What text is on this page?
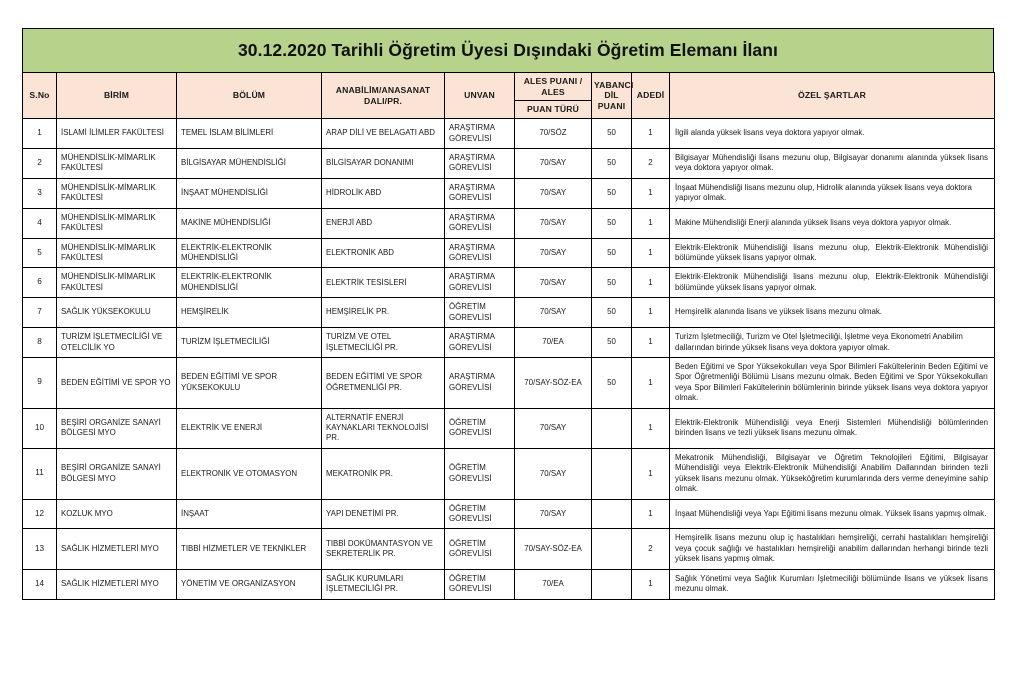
30.12.2020 Tarihli Öğretim Üyesi Dışındaki Öğretim Elemanı İlanı
S.No	BİRİM	BÖLÜM	ANABİLİM/ANASANAT DALI/PR.	UNVAN	ALES PUANI / ALES
PUAN TÜRÜ	YABANCI DİL PUANI	ADEDİ	ÖZEL ŞARTLAR
1	İSLAMİ İLİMLER FAKÜLTESİ	TEMEL İSLAM BİLİMLERİ	ARAP DİLİ VE BELAGATI ABD	ARAŞTIRMA GÖREVLİSİ	70/SÖZ	50	1	İlgili alanda yüksek lisans veya doktora yapıyor olmak.
2	MÜHENDİSLİK-MİMARLIK FAKÜLTESİ	BİLGİSAYAR MÜHENDİSLİĞİ	BİLGİSAYAR DONANIMI	ARAŞTIRMA GÖREVLİSİ	70/SAY	50	2	Bilgisayar Mühendisliği lisans mezunu olup, Bilgisayar donanımı alanında yüksek lisans veya doktora yapıyor olmak.
3	MÜHENDİSLİK-MİMARLIK FAKÜLTESİ	İNŞAAT MÜHENDİSLİĞİ	HİDROLİK ABD	ARAŞTIRMA GÖREVLİSİ	70/SAY	50	1	İnşaat Mühendisliği lisans mezunu olup, Hidrolik alanında yüksek lisans veya doktora yapıyor olmak.
4	MÜHENDİSLİK-MİMARLIK FAKÜLTESİ	MAKİNE MÜHENDİSLİĞİ	ENERJİ ABD	ARAŞTIRMA GÖREVLİSİ	70/SAY	50	1	Makine Mühendisliği Enerji alanında yüksek lisans veya doktora yapıyor olmak.
5	MÜHENDİSLİK-MİMARLIK FAKÜLTESİ	ELEKTRİK-ELEKTRONİK MÜHENDİSLİĞİ	ELEKTRONİK ABD	ARAŞTIRMA GÖREVLİSİ	70/SAY	50	1	Elektrik-Elektronik Mühendisliği lisans mezunu olup, Elektrik-Elektronik Mühendisliği bölümünde yüksek lisans yapıyor olmak.
6	MÜHENDİSLİK-MİMARLIK FAKÜLTESİ	ELEKTRİK-ELEKTRONİK MÜHENDİSLİĞİ	ELEKTRİK TESİSLERİ	ARAŞTIRMA GÖREVLİSİ	70/SAY	50	1	Elektrik-Elektronik Mühendisliği lisans mezunu olup, Elektrik-Elektronik Mühendisliği bölümünde yüksek lisans yapıyor olmak.
7	SAĞLIK YÜKSEKOKULU	HEMŞİRELİK	HEMŞİRELİK PR.	ÖĞRETİM GÖREVLİSİ	70/SAY	50	1	Hemşirelik alanında lisans ve yüksek lisans mezunu olmak.
8	TURİZM İŞLETMECİLİĞİ VE OTELCİLİK YO	TURİZM İŞLETMECİLİĞİ	TURİZM VE OTEL İŞLETMECİLİĞİ PR.	ARAŞTIRMA GÖREVLİSİ	70/EA	50	1	Turizm İşletmeciliği, Turizm ve Otel İşletmeciliği, İşletme veya Ekonometri Anabilim dallarından birinde yüksek lisans veya doktora yapıyor olmak.
9	BEDEN EĞİTİMİ VE SPOR YO	BEDEN EĞİTİMİ VE SPOR YÜKSEKOKULU	BEDEN EĞİTİMİ VE SPOR ÖĞRETMENLİĞİ PR.	ARAŞTIRMA GÖREVLİSİ	70/SAY-SÖZ-EA	50	1	Beden Eğitimi ve Spor Yüksekokulları veya Spor Bilimleri Fakültelerinin Beden Eğitimi ve Spor Öğretmenliği Bölümü Lisans mezunu olmak. Beden Eğitimi ve Spor Yüksekokulları veya Spor Bilimleri Fakültelerinin bölümlerinin birinde yüksek lisans veya doktora yapıyor olmak.
10	BEŞİRİ ORGANİZE SANAYİ BÖLGESİ MYO	ELEKTRİK VE ENERJİ	ALTERNATİF ENERJİ KAYNAKLARI TEKNOLOJİSİ PR.	ÖĞRETİM GÖREVLİSİ	70/SAY		1	Elektrik-Elektronik Mühendisliği veya Enerji Sistemleri Mühendisliği bölümlerinden birinden lisans ve tezli yüksek lisans mezunu olmak.
11	BEŞİRİ ORGANİZE SANAYİ BÖLGESİ MYO	ELEKTRONİK VE OTOMASYON	MEKATRONİK PR.	ÖĞRETİM GÖREVLİSİ	70/SAY		1	Mekatronik Mühendisliği, Bilgisayar ve Öğretim Teknolojileri Eğitimi, Bilgisayar Mühendisliği veya Elektrik-Elektronik Mühendisliği Anabilim Dallarından birinden tezli yüksek lisans mezunu olmak. Yükseköğretim kurumlarında ders verme deneyimine sahip olmak.
12	KOZLUK MYO	İNŞAAT	YAPI DENETİMİ PR.	ÖĞRETİM GÖREVLİSİ	70/SAY		1	İnşaat Mühendisliği veya Yapı Eğitimi lisans mezunu olmak. Yüksek lisans yapmış olmak.
13	SAĞLIK HİZMETLERİ MYO	TIBBİ HİZMETLER VE TEKNİKLER	TIBBİ DOKÜMANTASYON VE SEKRETERLİK PR.	ÖĞRETİM GÖREVLİSİ	70/SAY-SÖZ-EA		2	Hemşirelik lisans mezunu olup iç hastalıkları hemşireliği, cerrahi hastalıkları hemşireliği veya çocuk sağlığı ve hastalıkları hemşireliği anabilim dallarından herhangi birinde tezli yüksek lisans yapmış olmak.
14	SAĞLIK HİZMETLERİ MYO	YÖNETİM VE ORGANİZASYON	SAĞLIK KURUMLARI İŞLETMECİLİĞİ PR.	ÖĞRETİM GÖREVLİSİ	70/EA		1	Sağlık Yönetimi veya Sağlık Kurumları İşletmeciliği bölümünde lisans ve yüksek lisans mezunu olmak.
